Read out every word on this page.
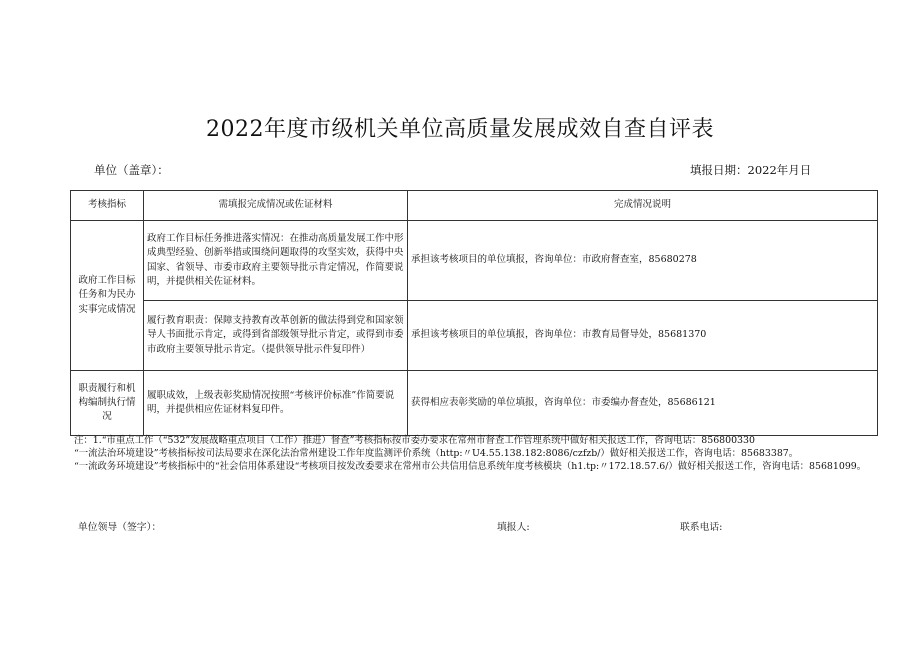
2022年度市级机关单位高质量发展成效自查自评表
单位（盖章）：	填报日期：2022年月日
考核指标	需填报完成情况或佐证材料	完成情况说明
政府工作目标任务和为民办实事完成情况	政府工作目标任务推进落实情况：在推动高质量发展工作中形成典型经验、创新举措或围绕问题取得的攻坚实效，获得中央国家、省领导、市委市政府主要领导批示肯定情况，作简要说明，并提供相关佐证材料。	承担该考核项目的单位填报，咨询单位：市政府督查室，85680278
	履行教育职责：保障支持教育改革创新的做法得到党和国家领导人书面批示肯定，或得到省部级领导批示肯定，或得到市委市政府主要领导批示肯定。（提供领导批示件复印件）	承担该考核项目的单位填报，咨询单位：市教育局督导处，85681370
职责履行和机构编制执行情况	履职成效，上级表彰奖励情况按照“考核评价标准”作简要说明，并提供相应佐证材料复印件。	获得相应表彰奖励的单位填报，咨询单位：市委编办督查处，85686121
注：1.“市重点工作（“532”发展战略重点项目（工作）推进）督查”考核指标按市委办要求在常州市督查工作管理系统中做好相关报送工作，咨询电话：856800330
“一流法治环境建设”考核指标按司法局要求在深化法治常州建设工作年度监测评价系统（http:〃U4.55.138.182:8086/czfzb/）做好相关报送工作，咨询电话：85683387。
“一流政务环境建设”考核指标中的“社会信用体系建设“考核项目按发改委要求在常州市公共信用信息系统年度考核模块（h1.tp:〃172.18.57.6/）做好相关报送工作，咨询电话：85681099。
单位领导（签字）：	填报人:	联系电话:
